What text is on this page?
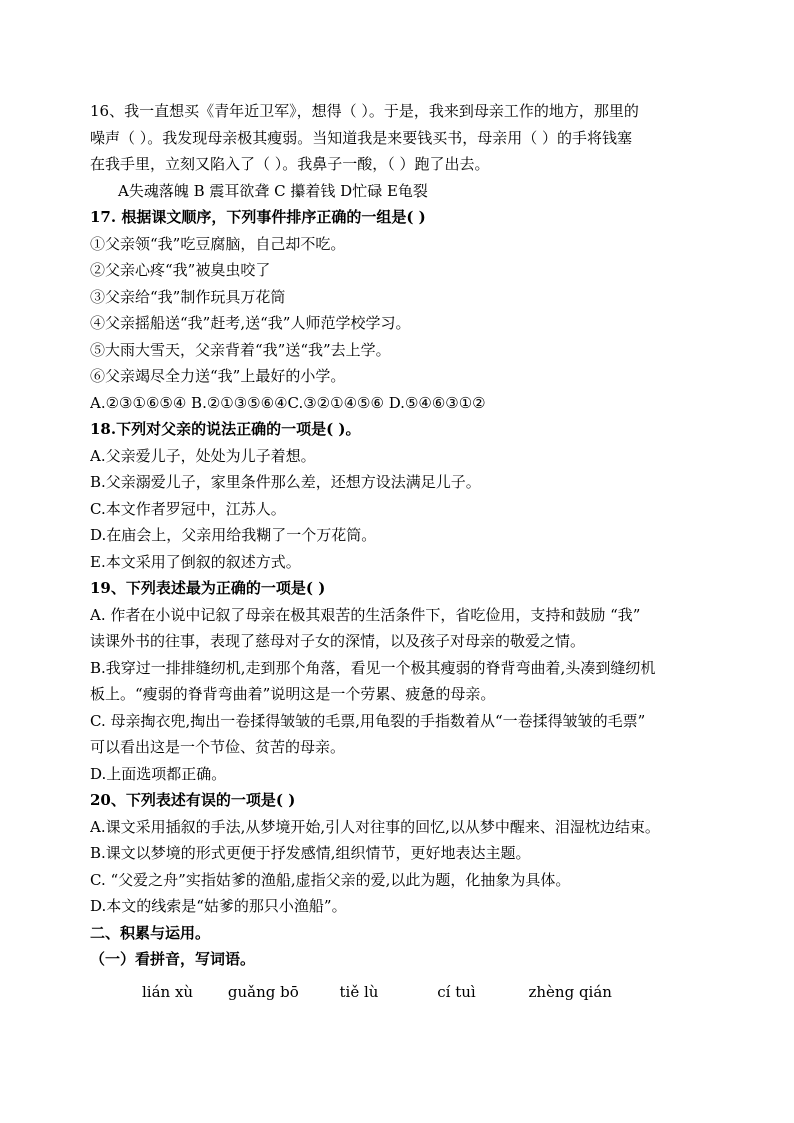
16、我一直想买《青年近卫军》，想得（ ）。于是，我来到母亲工作的地方，那里的
噪声（ ）。我发现母亲极其瘦弱。当知道我是来要钱买书，母亲用（ ）的手将钱塞
在我手里，立刻又陷入了（ ）。我鼻子一酸，（ ）跑了出去。
A失魂落魄 B 震耳欲聋 C 攥着钱 D忙碌 E龟裂
17. 根据课文顺序，下列事件排序正确的一组是( )
①父亲领“我”吃豆腐脑，自己却不吃。
②父亲心疼“我”被臭虫咬了
③父亲给“我”制作玩具万花筒
④父亲摇船送“我”赶考,送“我”人师范学校学习。
⑤大雨大雪天，父亲背着“我”送“我”去上学。
⑥父亲竭尽全力送“我”上最好的小学。
A.②③①⑥⑤④ B.②①③⑤⑥④C.③②①④⑤⑥ D.⑤④⑥③①②
18.下列对父亲的说法正确的一项是( )。
A.父亲爱儿子，处处为儿子着想。
B.父亲溺爱儿子，家里条件那么差，还想方设法满足儿子。
C.本文作者罗冠中，江苏人。
D.在庙会上，父亲用给我糊了一个万花筒。
E.本文采用了倒叙的叙述方式。
19、下列表述最为正确的一项是( )
A. 作者在小说中记叙了母亲在极其艰苦的生活条件下，省吃俭用，支持和鼓励 “我”
读课外书的往事，表现了慈母对子女的深情，以及孩子对母亲的敬爱之情。
B.我穿过一排排缝纫机,走到那个角落，看见一个极其瘦弱的脊背弯曲着,头凑到缝纫机
板上。“瘦弱的脊背弯曲着”说明这是一个劳累、疲惫的母亲。
C. 母亲掏衣兜,掏出一卷揉得皱皱的毛票,用龟裂的手指数着从“一卷揉得皱皱的毛票”
可以看出这是一个节俭、贫苦的母亲。
D.上面选项都正确。
20、下列表述有误的一项是( )
A.课文采用插叙的手法,从梦境开始,引人对往事的回忆,以从梦中醒来、泪湿枕边结束。
B.课文以梦境的形式更便于抒发感情,组织情节，更好地表达主题。
C. “父爱之舟”实指姑爹的渔船,虚指父亲的爱,以此为题，化抽象为具体。
D.本文的线索是“姑爹的那只小渔船”。
二、积累与运用。
（一）看拼音，写词语。
lián xù guǎng bō	tiě lù	cí tuì	zhèng qián
